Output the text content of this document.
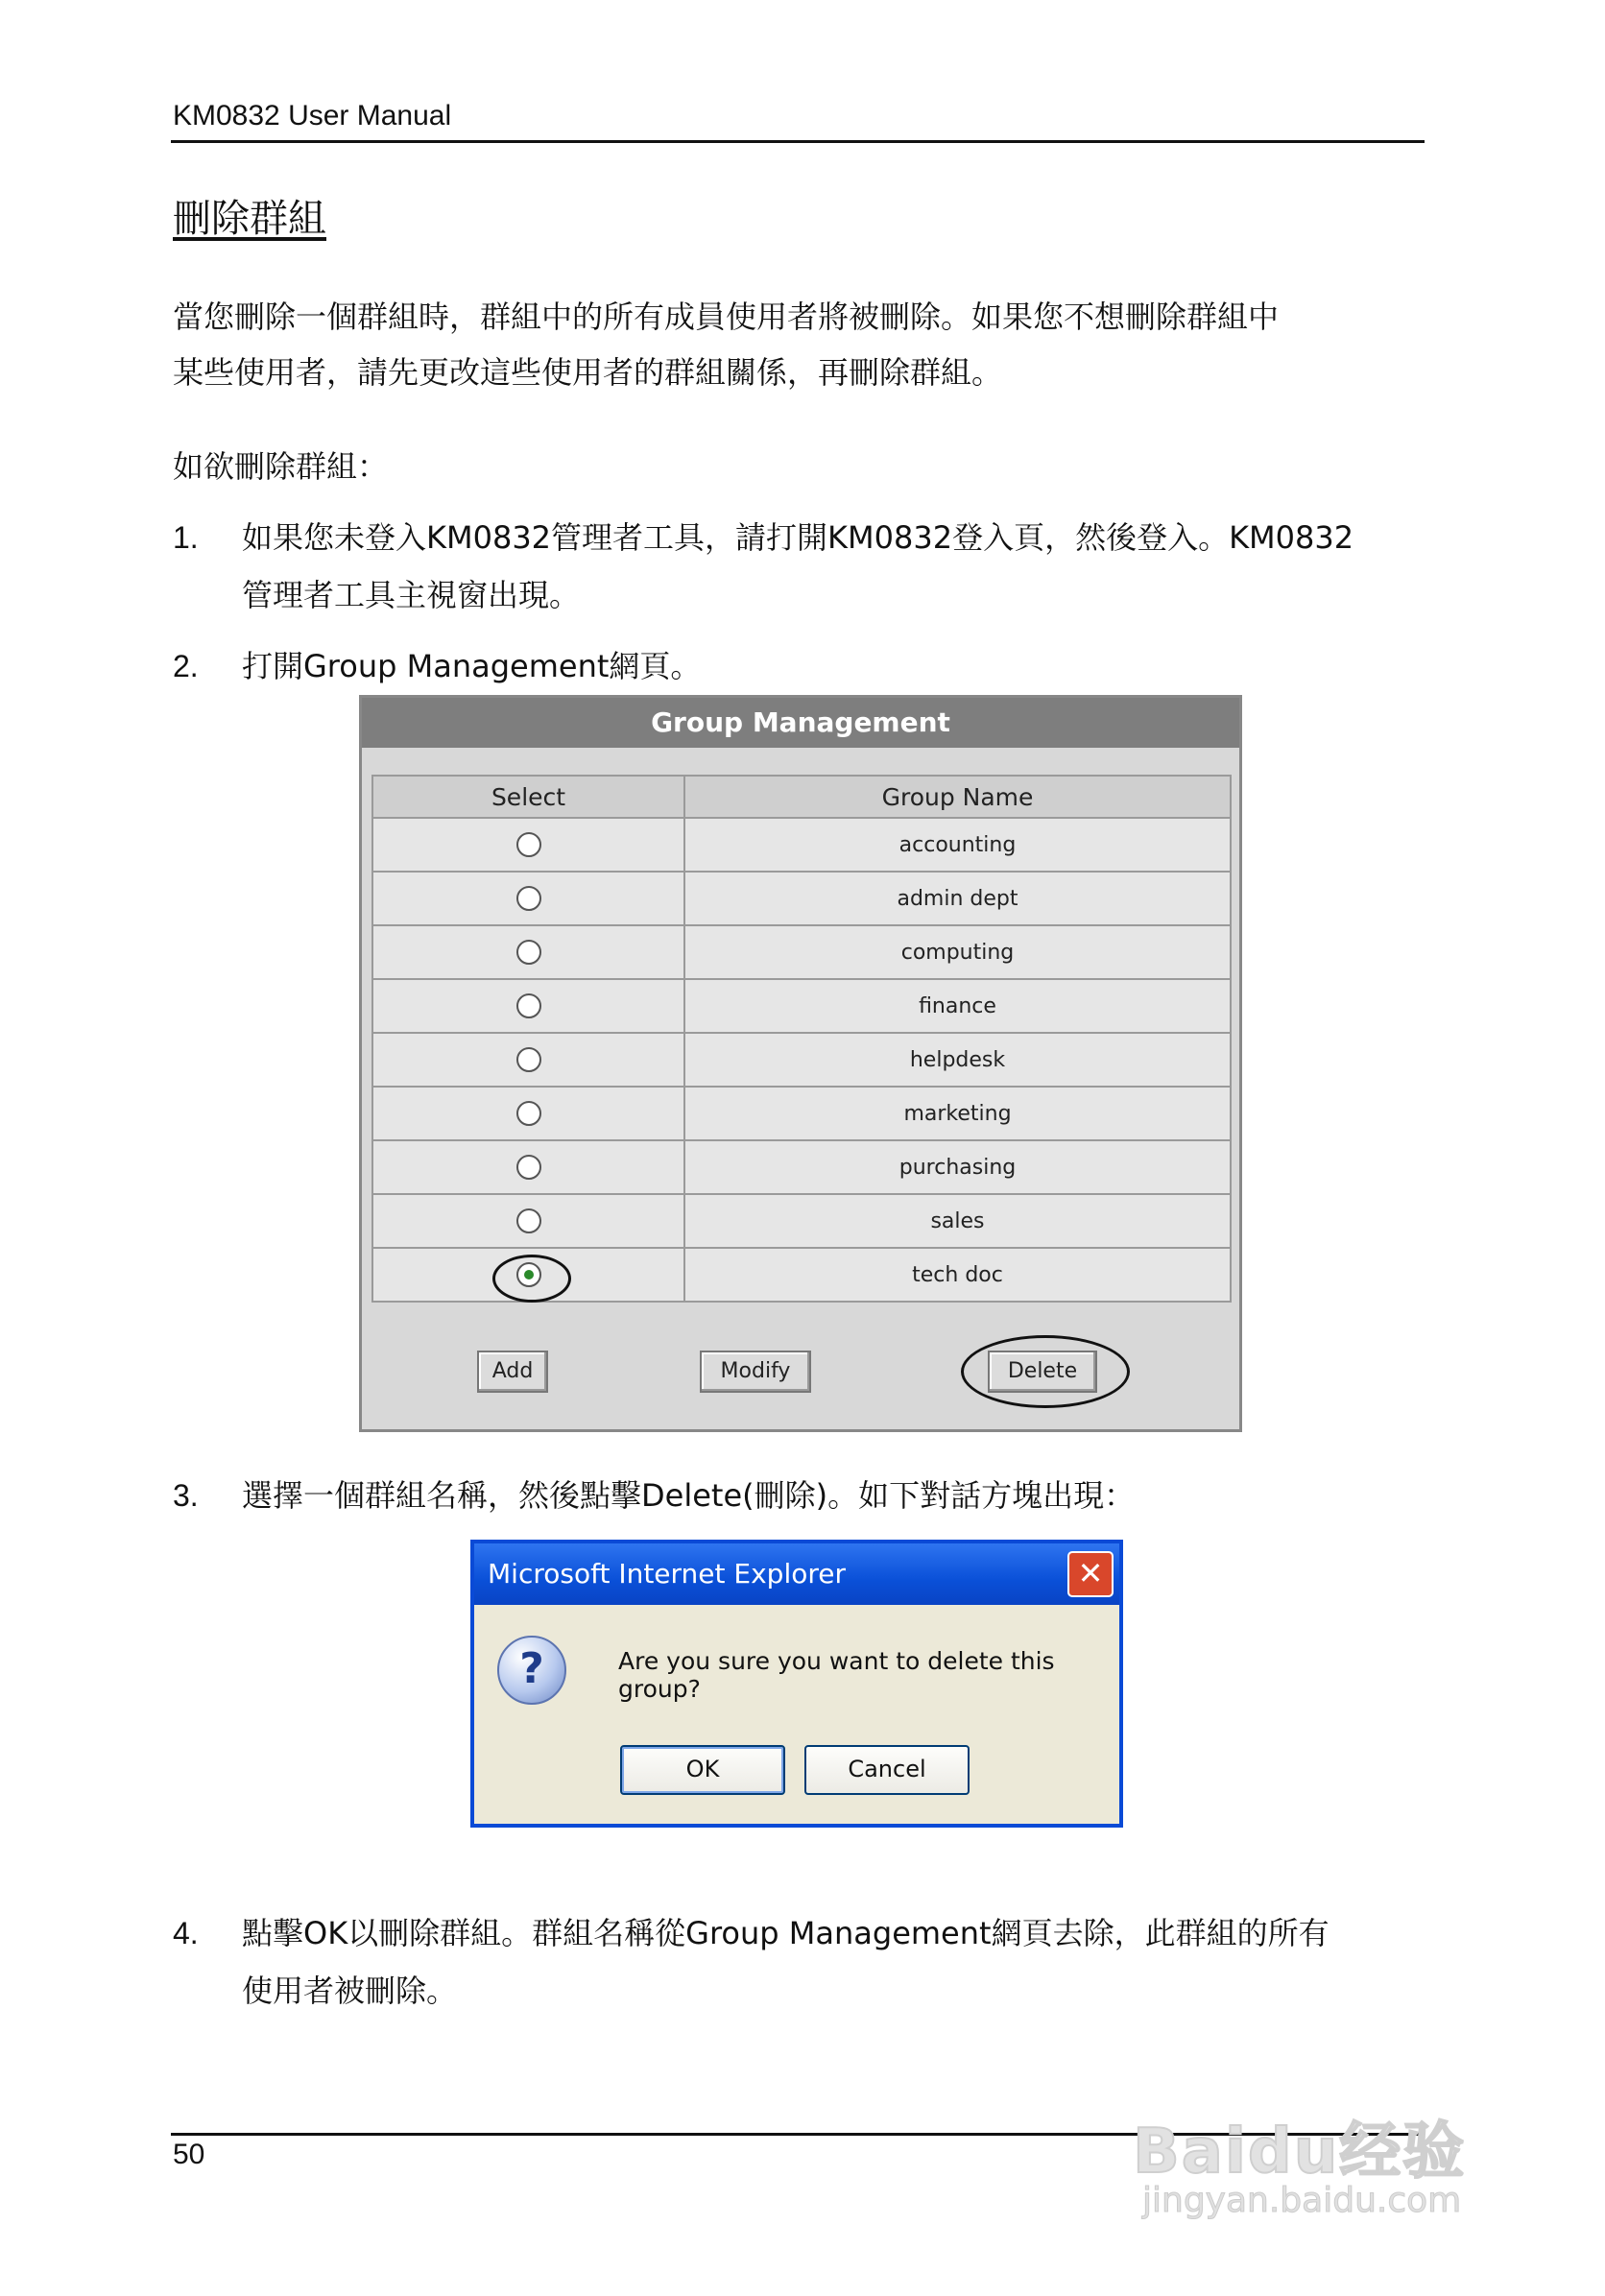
KM0832 User Manual
刪除群組
當您刪除一個群組時，群組中的所有成員使用者將被刪除。如果您不想刪除群組中
某些使用者，請先更改這些使用者的群組關係，再刪除群組。
如欲刪除群組：
1. 如果您未登入KM0832管理者工具，請打開KM0832登入頁，然後登入。KM0832
管理者工具主視窗出現。
2. 打開Group Management網頁。
Group Management
Select	Group Name
	accounting
	admin dept
	computing
	finance
	helpdesk
	marketing
	purchasing
	sales
	tech doc
Add	Modify	Delete
3. 選擇一個群組名稱，然後點擊Delete(刪除)。如下對話方塊出現：
Microsoft Internet Explorer	✕
?	Are you sure you want to delete this group?
OK	Cancel
4. 點擊OK以刪除群組。群組名稱從Group Management網頁去除，此群組的所有
使用者被刪除。
50	Baidu经验
jingyan.baidu.com
